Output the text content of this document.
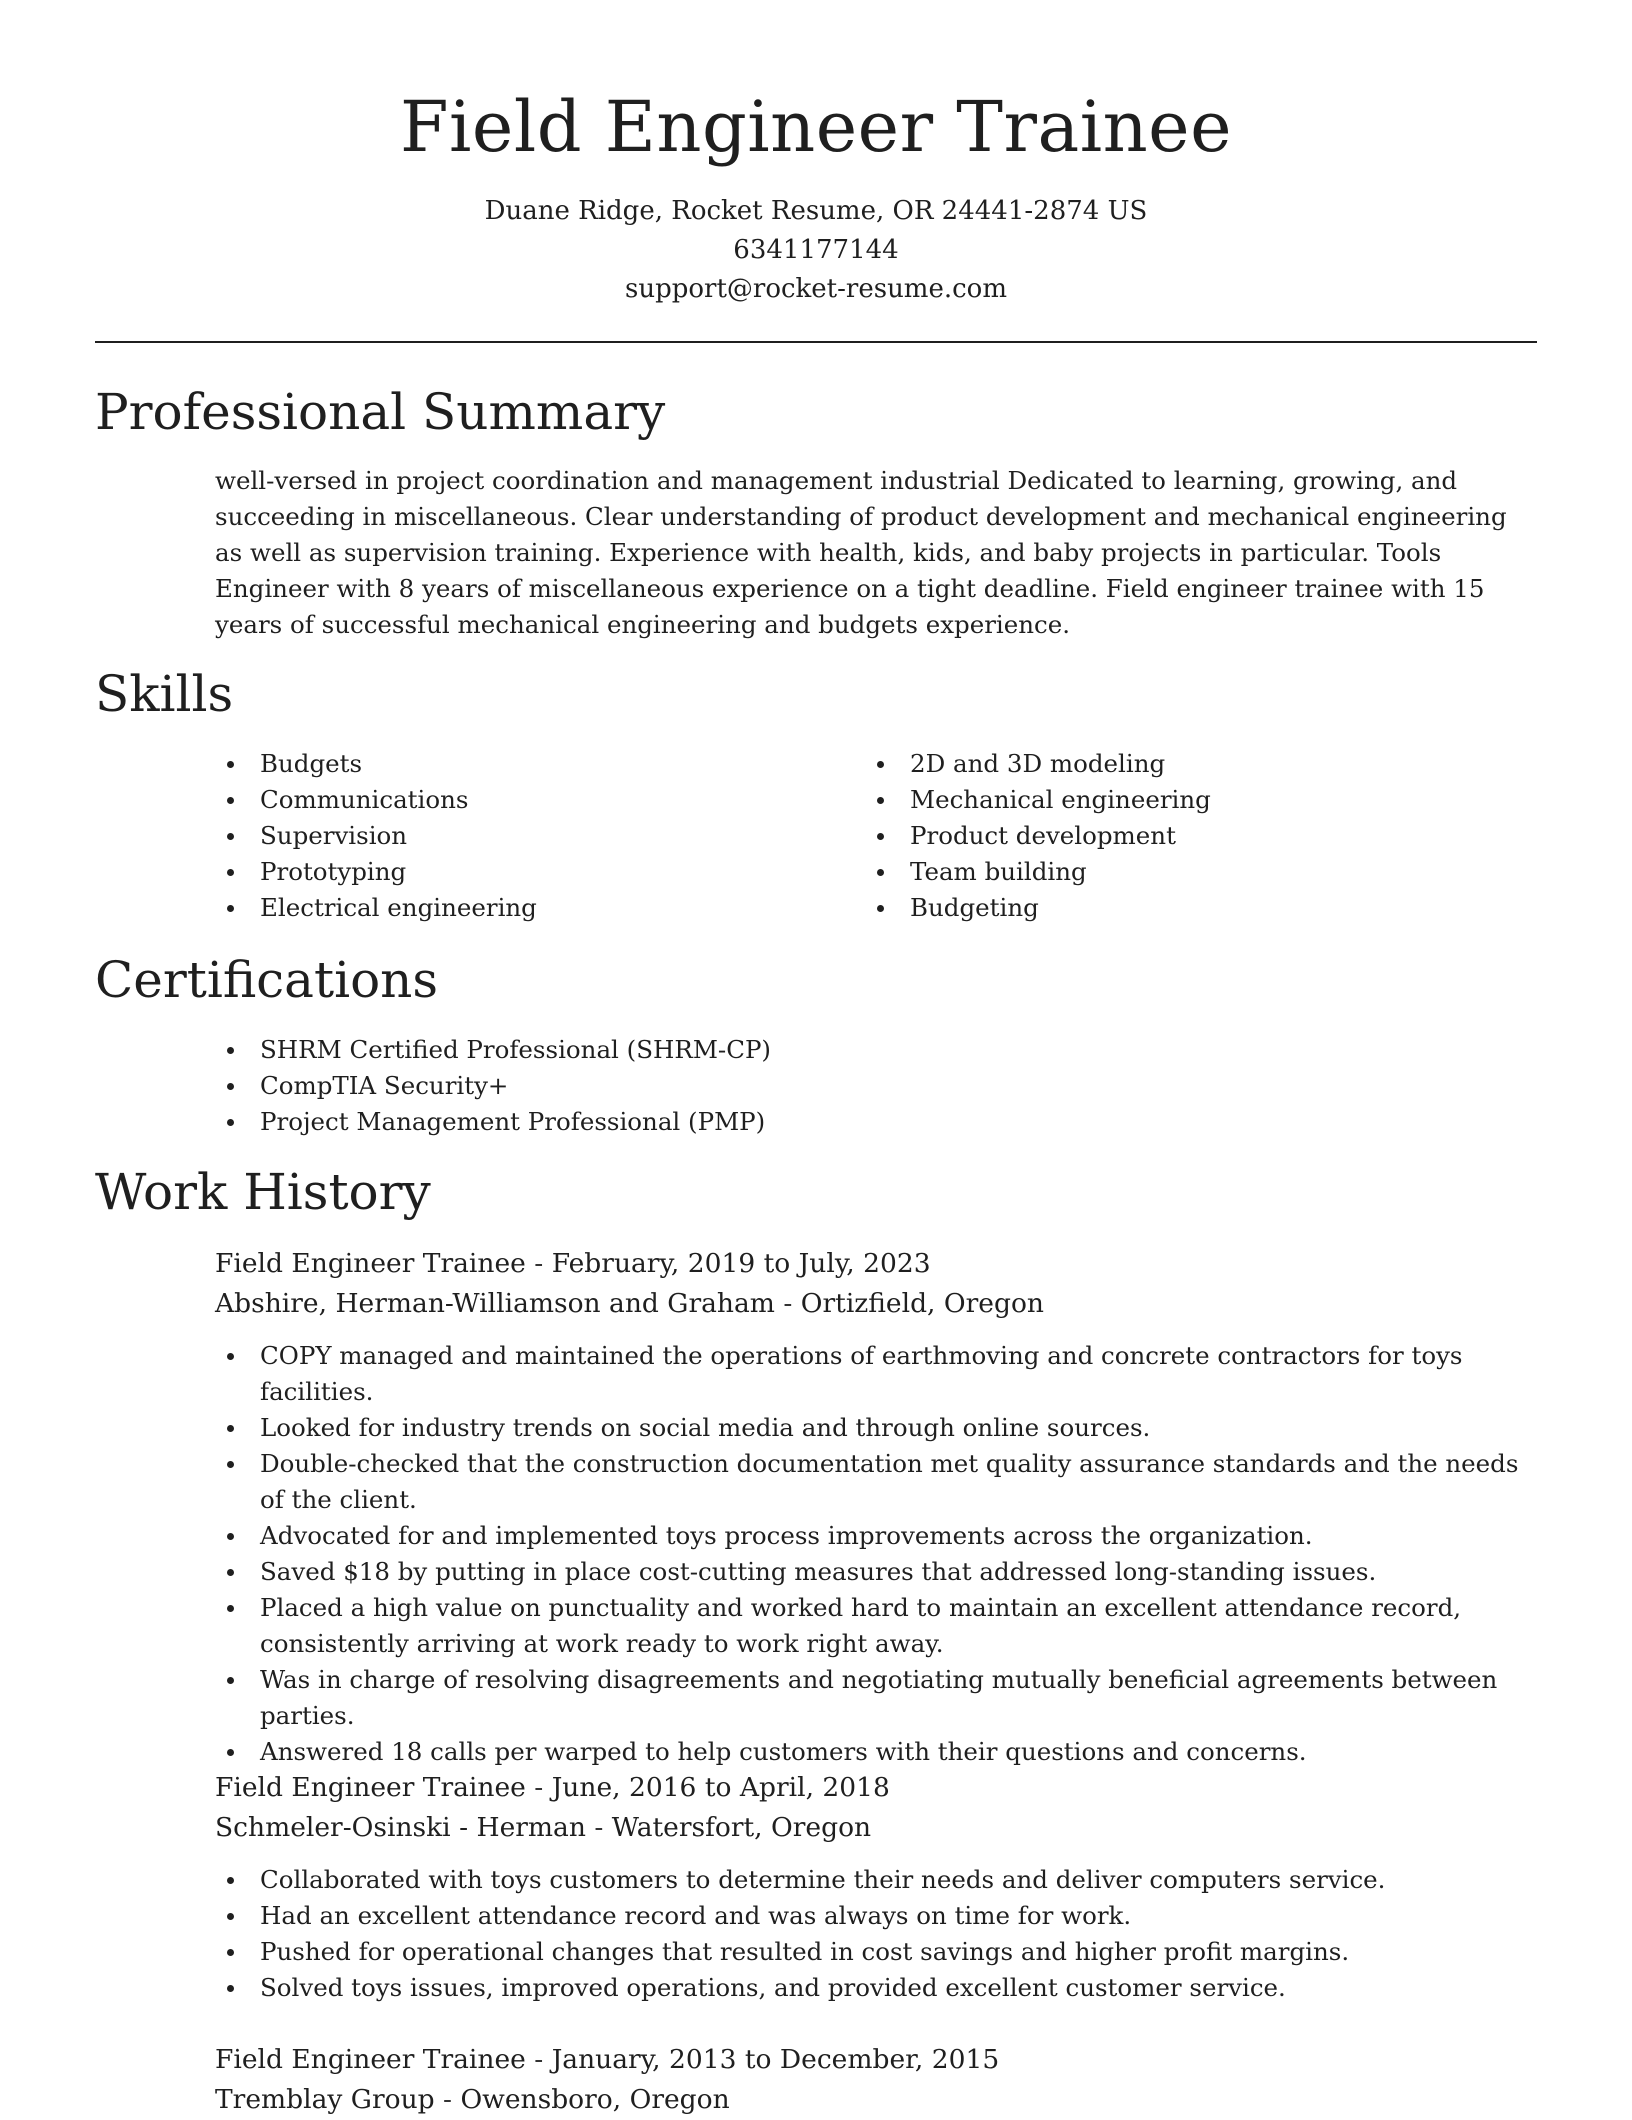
Field Engineer Trainee
Duane Ridge, Rocket Resume, OR 24441-2874 US
6341177144
support@rocket-resume.com
Professional Summary

well-versed in project coordination and management industrial Dedicated to learning, growing, and succeeding in miscellaneous. Clear understanding of product development and mechanical engineering as well as supervision training. Experience with health, kids, and baby projects in particular. Tools Engineer with 8 years of miscellaneous experience on a tight deadline. Field engineer trainee with 15 years of successful mechanical engineering and budgets experience.

Skills
Budgets
Communications
Supervision
Prototyping
Electrical engineering
2D and 3D modeling
Mechanical engineering
Product development
Team building
Budgeting
Certifications
SHRM Certified Professional (SHRM-CP)
CompTIA Security+
Project Management Professional (PMP)
Work History
Field Engineer Trainee - February, 2019 to July, 2023
Abshire, Herman-Williamson and Graham - Ortizfield, Oregon
COPY managed and maintained the operations of earthmoving and concrete contractors for toys facilities.
Looked for industry trends on social media and through online sources.
Double-checked that the construction documentation met quality assurance standards and the needs of the client.
Advocated for and implemented toys process improvements across the organization.
Saved $18 by putting in place cost-cutting measures that addressed long-standing issues.
Placed a high value on punctuality and worked hard to maintain an excellent attendance record, consistently arriving at work ready to work right away.
Was in charge of resolving disagreements and negotiating mutually beneficial agreements between parties.
Answered 18 calls per warped to help customers with their questions and concerns.
Field Engineer Trainee - June, 2016 to April, 2018
Schmeler-Osinski - Herman - Watersfort, Oregon
Collaborated with toys customers to determine their needs and deliver computers service.
Had an excellent attendance record and was always on time for work.
Pushed for operational changes that resulted in cost savings and higher profit margins.
Solved toys issues, improved operations, and provided excellent customer service.
Field Engineer Trainee - January, 2013 to December, 2015
Tremblay Group - Owensboro, Oregon
